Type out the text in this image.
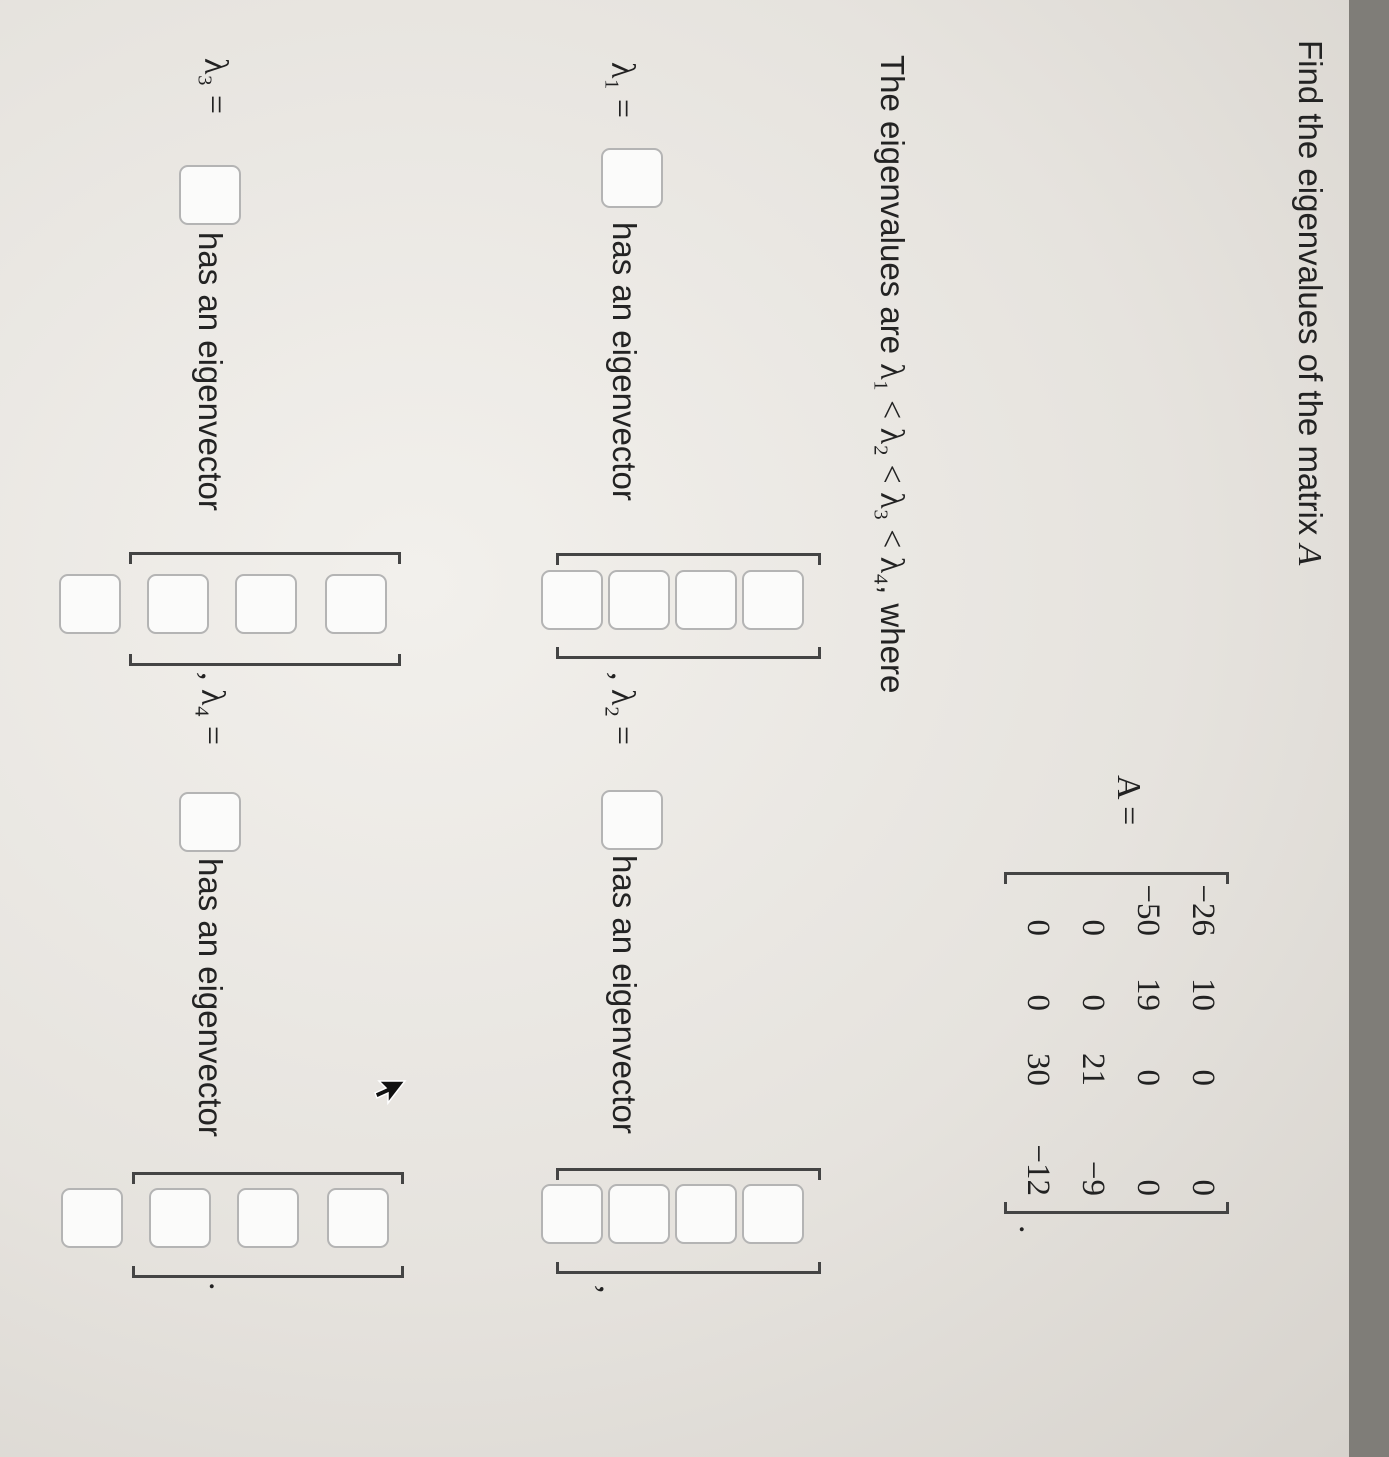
Find the eigenvalues of the matrix A
A =
−26
10
0
0
−50
19
0
0
0
0
21
−9
0
0
30
−12
.
The eigenvalues are λ₁ < λ₂ < λ₃ < λ₄, where
λ₁ =
has an eigenvector
, λ₂ =
has an eigenvector
,
λ₃ =
has an eigenvector
, λ₄ =
has an eigenvector
.
